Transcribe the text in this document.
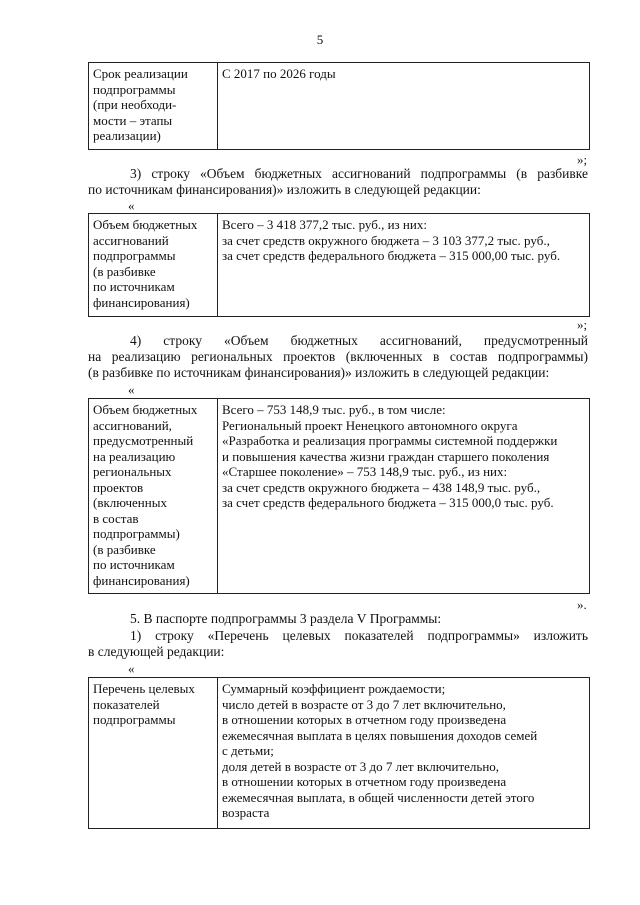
5
Срок реализации
подпрограммы
(при необходи-
мости – этапы
реализации)
С 2017 по 2026 годы
»;
3) строку «Объем бюджетных ассигнований подпрограммы (в разбивке
по источникам финансирования)» изложить в следующей редакции:
«
Объем бюджетных
ассигнований
подпрограммы
(в разбивке
по источникам
финансирования)
Всего – 3 418 377,2 тыс. руб., из них:
за счет средств окружного бюджета – 3 103 377,2 тыс. руб.,
за счет средств федерального бюджета – 315 000,00 тыс. руб.
»;
4) строку «Объем бюджетных ассигнований, предусмотренный
на реализацию региональных проектов (включенных в состав подпрограммы)
(в разбивке по источникам финансирования)» изложить в следующей редакции:
«
Объем бюджетных
ассигнований,
предусмотренный
на реализацию
региональных
проектов
(включенных
в состав
подпрограммы)
(в разбивке
по источникам
финансирования)
Всего – 753 148,9 тыс. руб., в том числе:
Региональный проект Ненецкого автономного округа
«Разработка и реализация программы системной поддержки
и повышения качества жизни граждан старшего поколения
«Старшее поколение» – 753 148,9 тыс. руб., из них:
за счет средств окружного бюджета – 438 148,9 тыс. руб.,
за счет средств федерального бюджета – 315 000,0 тыс. руб.
».
5. В паспорте подпрограммы 3 раздела V Программы:
1) строку «Перечень целевых показателей подпрограммы» изложить
в следующей редакции:
«
Перечень целевых
показателей
подпрограммы
Суммарный коэффициент рождаемости;
число детей в возрасте от 3 до 7 лет включительно,
в отношении которых в отчетном году произведена
ежемесячная выплата в целях повышения доходов семей
с детьми;
доля детей в возрасте от 3 до 7 лет включительно,
в отношении которых в отчетном году произведена
ежемесячная выплата, в общей численности детей этого
возраста
